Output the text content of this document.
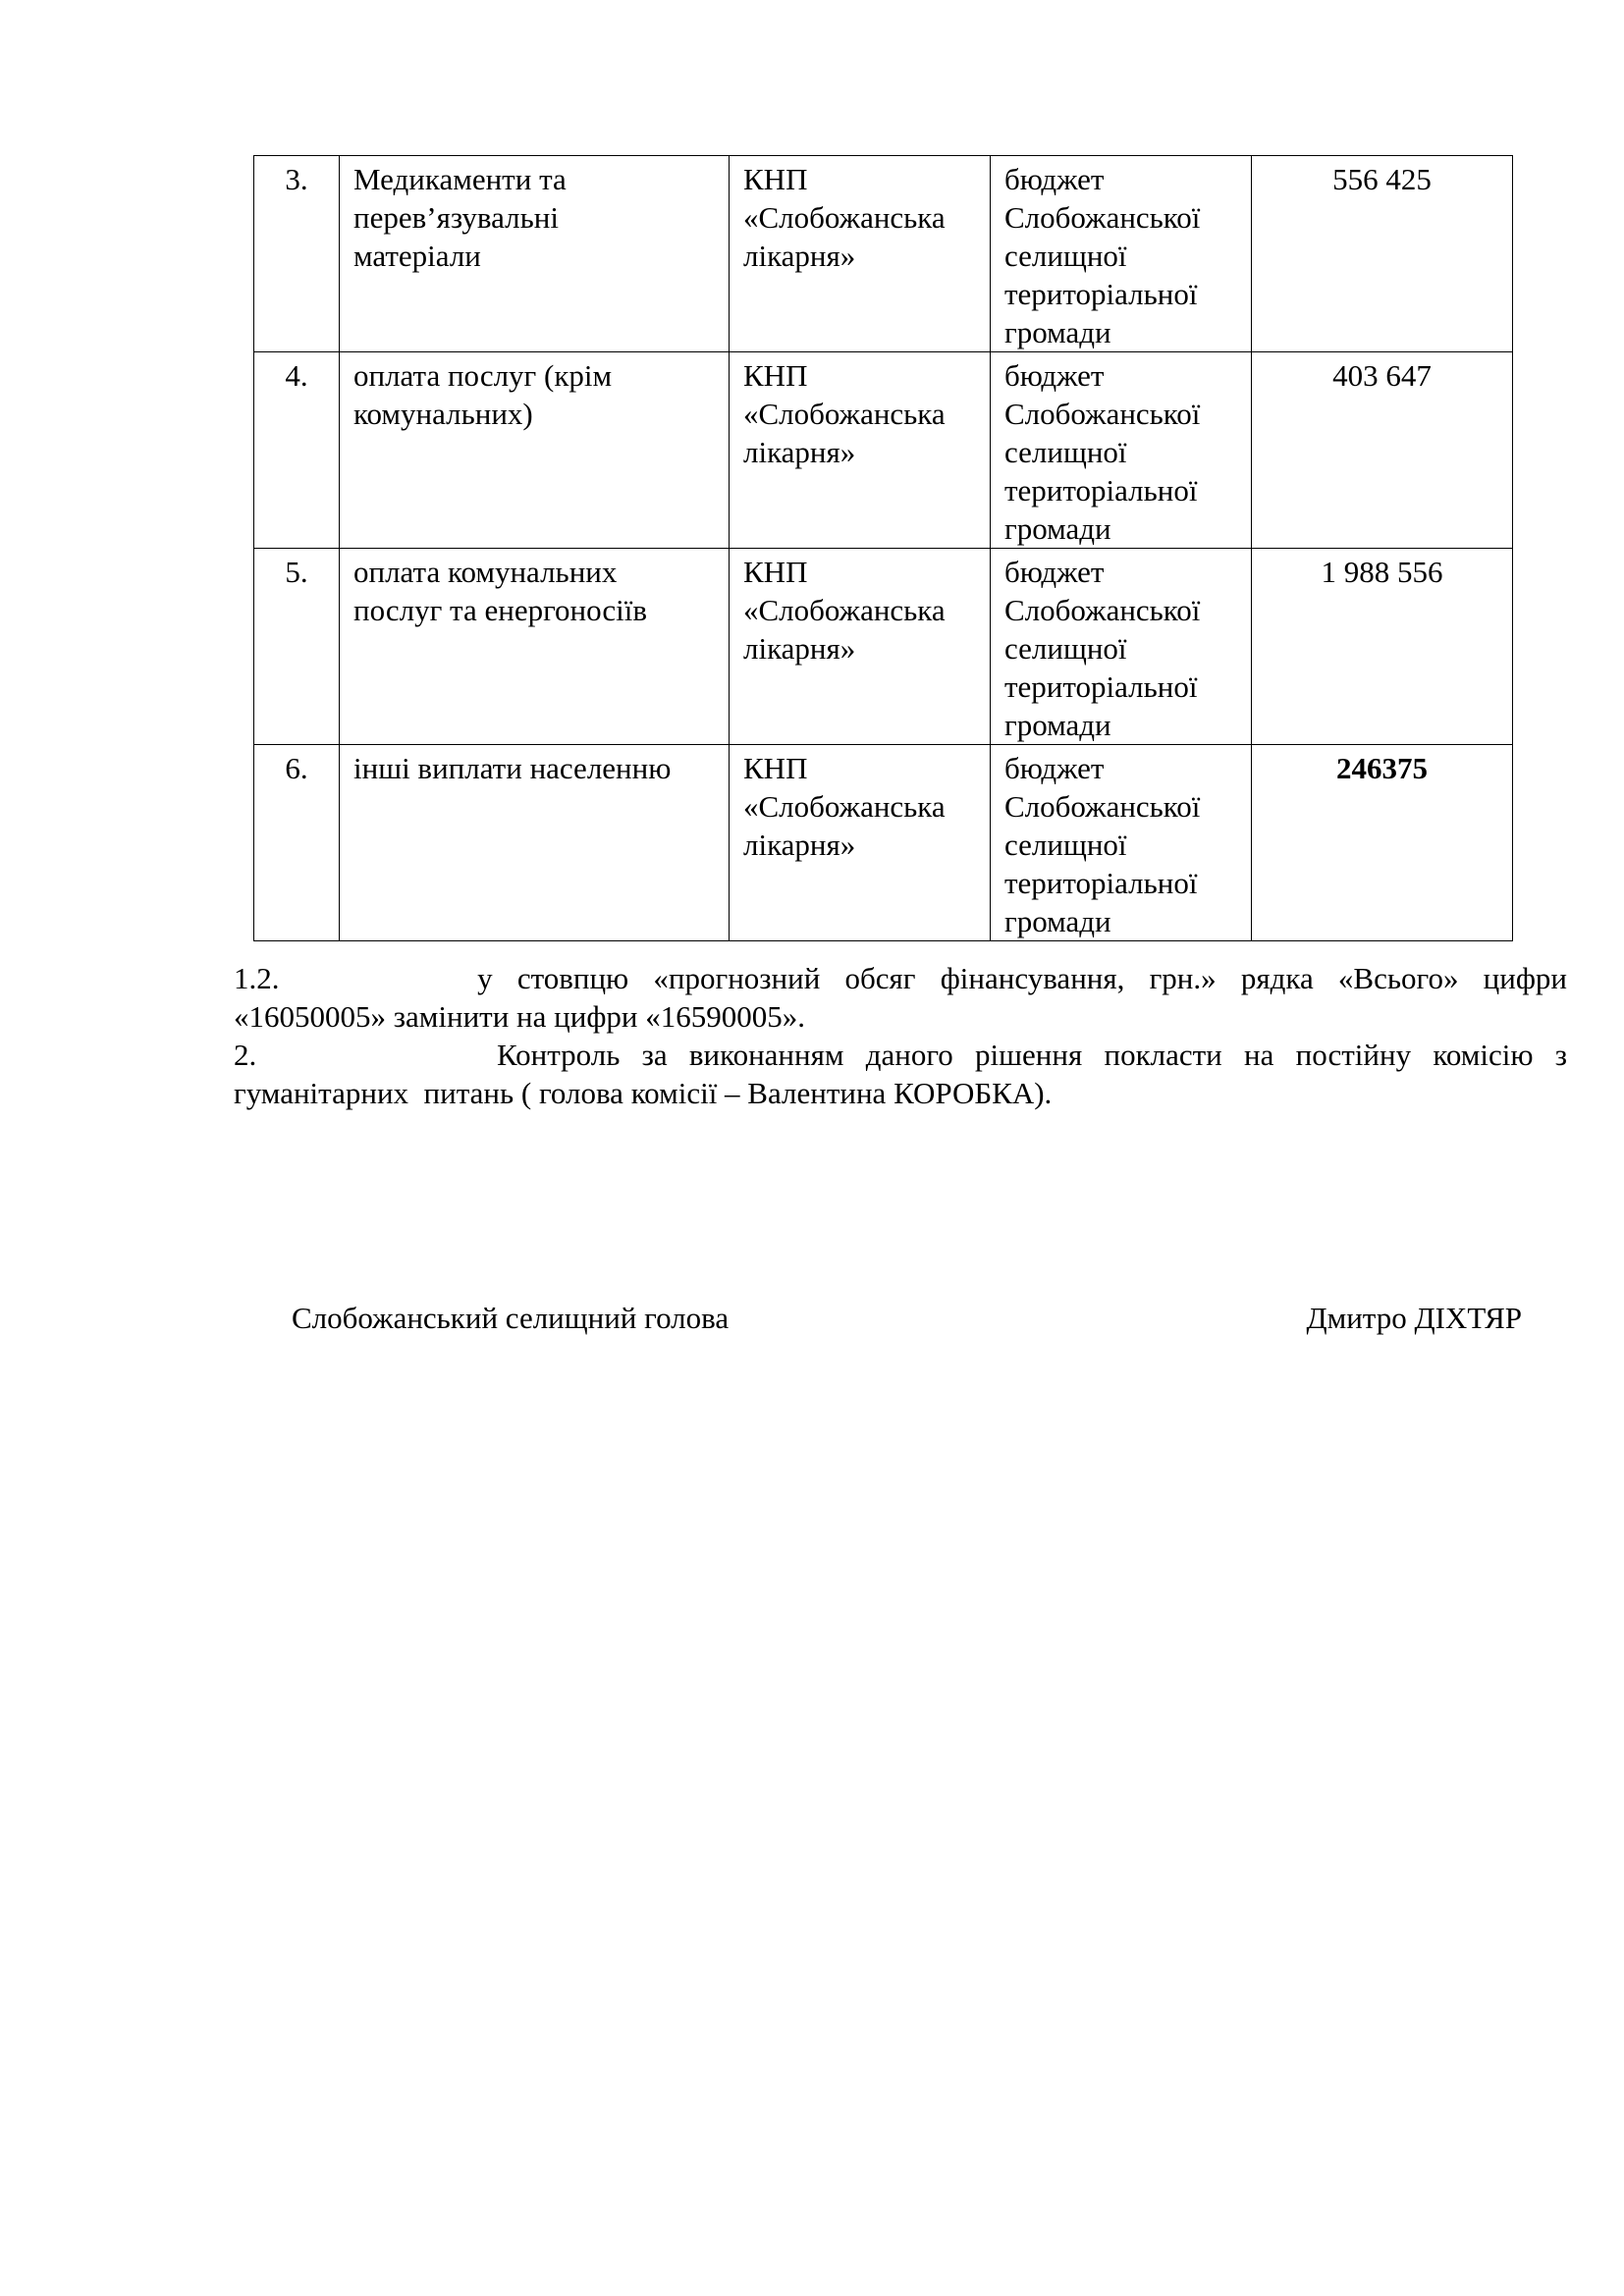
3.	Медикаменти та
перев’язувальні
матеріали	КНП
«Слобожанська
лікарня»	бюджет
Слобожанської
селищної
територіальної
громади	556 425
4.	оплата послуг (крім
комунальних)	КНП
«Слобожанська
лікарня»	бюджет
Слобожанської
селищної
територіальної
громади	403 647
5.	оплата комунальних
послуг та енергоносіїв	КНП
«Слобожанська
лікарня»	бюджет
Слобожанської
селищної
територіальної
громади	1 988 556
6.	інші виплати населенню	КНП
«Слобожанська
лікарня»	бюджет
Слобожанської
селищної
територіальної
громади	246375
1.2.        у стовпцю «прогнозний обсяг фінансування, грн.» рядка «Всього» цифри
«16050005» замінити на цифри «16590005».
2.           Контроль за виконанням даного рішення покласти на постійну комісію з
гуманітарних  питань ( голова комісії – Валентина КОРОБКА).
Слобожанський селищний голова	Дмитро ДІХТЯР
